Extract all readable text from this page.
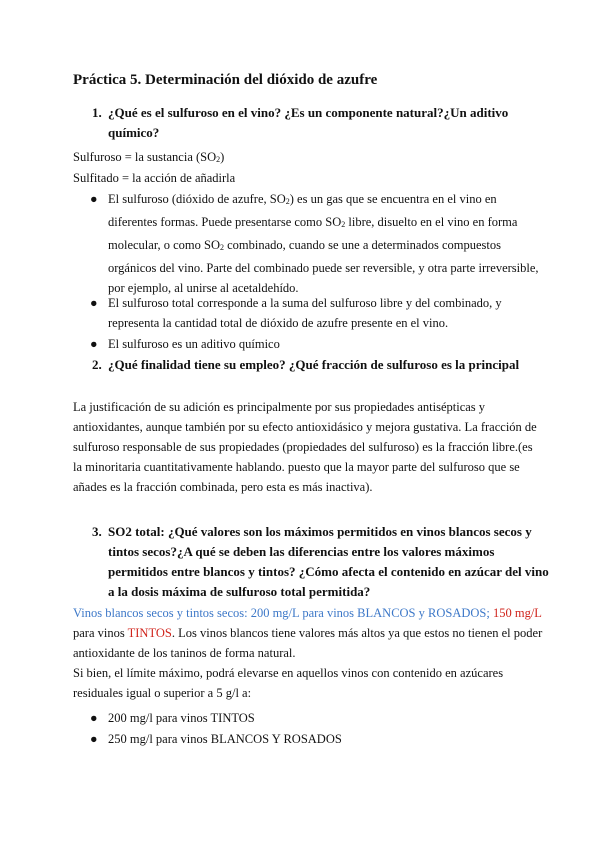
Práctica 5. Determinación del dióxido de azufre
1. ¿Qué es el sulfuroso en el vino? ¿Es un componente natural?¿Un aditivo
químico?
Sulfuroso = la sustancia $(SO_2)$
Sulfitado = la acción de añadirla
● El sulfuroso (dióxido de azufre, $SO_2$) es un gas que se encuentra en el vino en
diferentes formas. Puede presentarse como $SO_2$ libre, disuelto en el vino en forma
molecular, o como $SO_2$ combinado, cuando se une a determinados compuestos
orgánicos del vino. Parte del combinado puede ser reversible, y otra parte irreversible,
por ejemplo, al unirse al acetaldehído.
● El sulfuroso total corresponde a la suma del sulfuroso libre y del combinado, y
representa la cantidad total de dióxido de azufre presente en el vino.
● El sulfuroso es un aditivo químico
2. ¿Qué finalidad tiene su empleo? ¿Qué fracción de sulfuroso es la principal
La justificación de su adición es principalmente por sus propiedades antisépticas y
antioxidantes, aunque también por su efecto antioxidásico y mejora gustativa. La fracción de
sulfuroso responsable de sus propiedades (propiedades del sulfuroso) es la fracción libre.(es
la minoritaria cuantitativamente hablando. puesto que la mayor parte del sulfuroso que se
añades es la fracción combinada, pero esta es más inactiva).
3. SO2 total: ¿Qué valores son los máximos permitidos en vinos blancos secos y
tintos secos?¿A qué se deben las diferencias entre los valores máximos
permitidos entre blancos y tintos? ¿Cómo afecta el contenido en azúcar del vino
a la dosis máxima de sulfuroso total permitida?
Vinos blancos secos y tintos secos: 200 mg/L para vinos BLANCOS y ROSADOS; 150 mg/L
para vinos TINTOS. Los vinos blancos tiene valores más altos ya que estos no tienen el poder
antioxidante de los taninos de forma natural.
Si bien, el límite máximo, podrá elevarse en aquellos vinos con contenido en azúcares
residuales igual o superior a 5 g/l a:
● 200 mg/l para vinos TINTOS
● 250 mg/l para vinos BLANCOS Y ROSADOS
